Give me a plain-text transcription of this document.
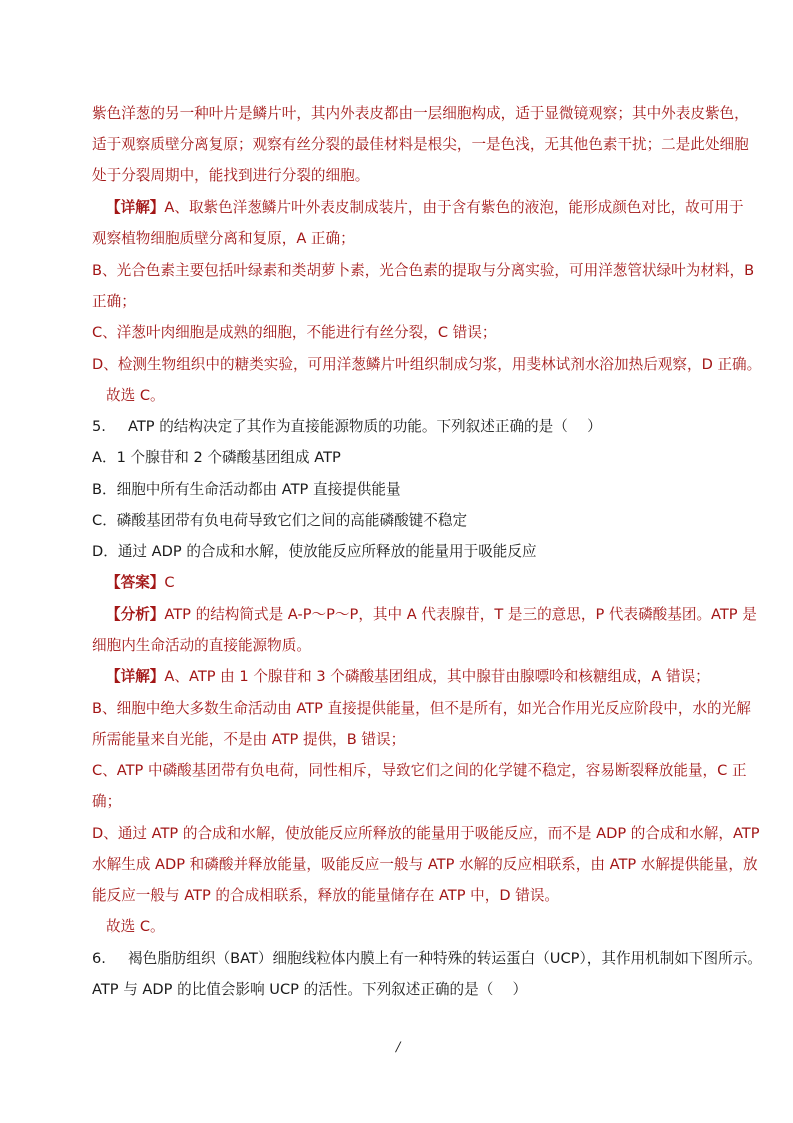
紫色洋葱的另一种叶片是鳞片叶，其内外表皮都由一层细胞构成，适于显微镜观察；其中外表皮紫色，
适于观察质壁分离复原；观察有丝分裂的最佳材料是根尖，一是色浅，无其他色素干扰；二是此处细胞
处于分裂周期中，能找到进行分裂的细胞。
【详解】A、取紫色洋葱鳞片叶外表皮制成装片，由于含有紫色的液泡，能形成颜色对比，故可用于
观察植物细胞质壁分离和复原，A 正确；
B、光合色素主要包括叶绿素和类胡萝卜素，光合色素的提取与分离实验，可用洋葱管状绿叶为材料，B
正确；
C、洋葱叶肉细胞是成熟的细胞，不能进行有丝分裂，C 错误；
D、检测生物组织中的糖类实验，可用洋葱鳞片叶组织制成匀浆，用斐林试剂水浴加热后观察，D 正确。
故选 C。
5. ATP 的结构决定了其作为直接能源物质的功能。下列叙述正确的是（　 ）
A．1 个腺苷和 2 个磷酸基团组成 ATP
B．细胞中所有生命活动都由 ATP 直接提供能量
C．磷酸基团带有负电荷导致它们之间的高能磷酸键不稳定
D．通过 ADP 的合成和水解，使放能反应所释放的能量用于吸能反应
【答案】C
【分析】ATP 的结构简式是 A-P～P～P，其中 A 代表腺苷，T 是三的意思，P 代表磷酸基团。ATP 是
细胞内生命活动的直接能源物质。
【详解】A、ATP 由 1 个腺苷和 3 个磷酸基团组成，其中腺苷由腺嘌呤和核糖组成，A 错误；
B、细胞中绝大多数生命活动由 ATP 直接提供能量，但不是所有，如光合作用光反应阶段中，水的光解
所需能量来自光能，不是由 ATP 提供，B 错误；
C、ATP 中磷酸基团带有负电荷，同性相斥，导致它们之间的化学键不稳定，容易断裂释放能量，C 正
确；
D、通过 ATP 的合成和水解，使放能反应所释放的能量用于吸能反应，而不是 ADP 的合成和水解，ATP
水解生成 ADP 和磷酸并释放能量，吸能反应一般与 ATP 水解的反应相联系，由 ATP 水解提供能量，放
能反应一般与 ATP 的合成相联系，释放的能量储存在 ATP 中，D 错误。
故选 C。
6. 褐色脂肪组织（BAT）细胞线粒体内膜上有一种特殊的转运蛋白（UCP），其作用机制如下图所示。
ATP 与 ADP 的比值会影响 UCP 的活性。下列叙述正确的是（　 ）
/
